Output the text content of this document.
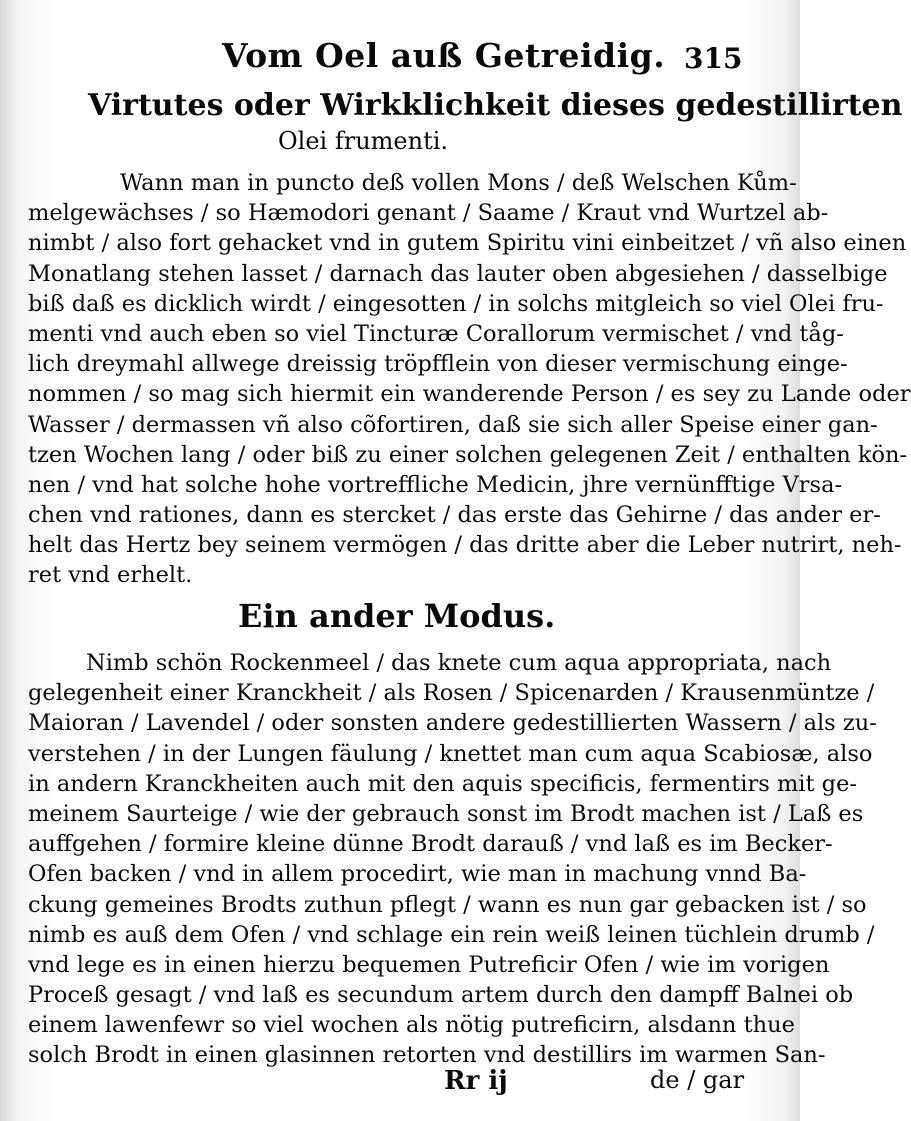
Vom Oel auß Getreidig. 315
Virtutes oder Wirkklichkeit dieses gedestillirten
Olei frumenti.
Wann man in puncto deß vollen Mons / deß Welschen Kům-
melgewächses / so Hæmodori genant / Saame / Kraut vnd Wurtzel ab-
nimbt / also fort gehacket vnd in gutem Spiritu vini einbeitzet / vñ also einen
Monatlang stehen lasset / darnach das lauter oben abgesiehen / dasselbige
biß daß es dicklich wirdt / eingesotten / in solchs mitgleich so viel Olei fru-
menti vnd auch eben so viel Tincturæ Corallorum vermischet / vnd tåg-
lich dreymahl allwege dreissig tröpfflein von dieser vermischung einge-
nommen / so mag sich hiermit ein wanderende Person / es sey zu Lande oder
Wasser / dermassen vñ also cõfortiren, daß sie sich aller Speise einer gan-
tzen Wochen lang / oder biß zu einer solchen gelegenen Zeit / enthalten kön-
nen / vnd hat solche hohe vortreffliche Medicin, jhre vernünfftige Vrsa-
chen vnd rationes, dann es stercket / das erste das Gehirne / das ander er-
helt das Hertz bey seinem vermögen / das dritte aber die Leber nutrirt, neh-
ret vnd erhelt.
Ein ander Modus.
Nimb schön Rockenmeel / das knete cum aqua appropriata, nach
gelegenheit einer Kranckheit / als Rosen / Spicenarden / Krausenmüntze /
Maioran / Lavendel / oder sonsten andere gedestillierten Wassern / als zu-
verstehen / in der Lungen fäulung / knettet man cum aqua Scabiosæ, also
in andern Kranckheiten auch mit den aquis specificis, fermentirs mit ge-
meinem Saurteige / wie der gebrauch sonst im Brodt machen ist / Laß es
auffgehen / formire kleine dünne Brodt darauß / vnd laß es im Becker-
Ofen backen / vnd in allem procedirt, wie man in machung vnnd Ba-
ckung gemeines Brodts zuthun pflegt / wann es nun gar gebacken ist / so
nimb es auß dem Ofen / vnd schlage ein rein weiß leinen tüchlein drumb /
vnd lege es in einen hierzu bequemen Putreficir Ofen / wie im vorigen
Proceß gesagt / vnd laß es secundum artem durch den dampff Balnei ob
einem lawenfewr so viel wochen als nötig putreficirn, alsdann thue
solch Brodt in einen glasinnen retorten vnd destillirs im warmen San-
Rr ij	de / gar
